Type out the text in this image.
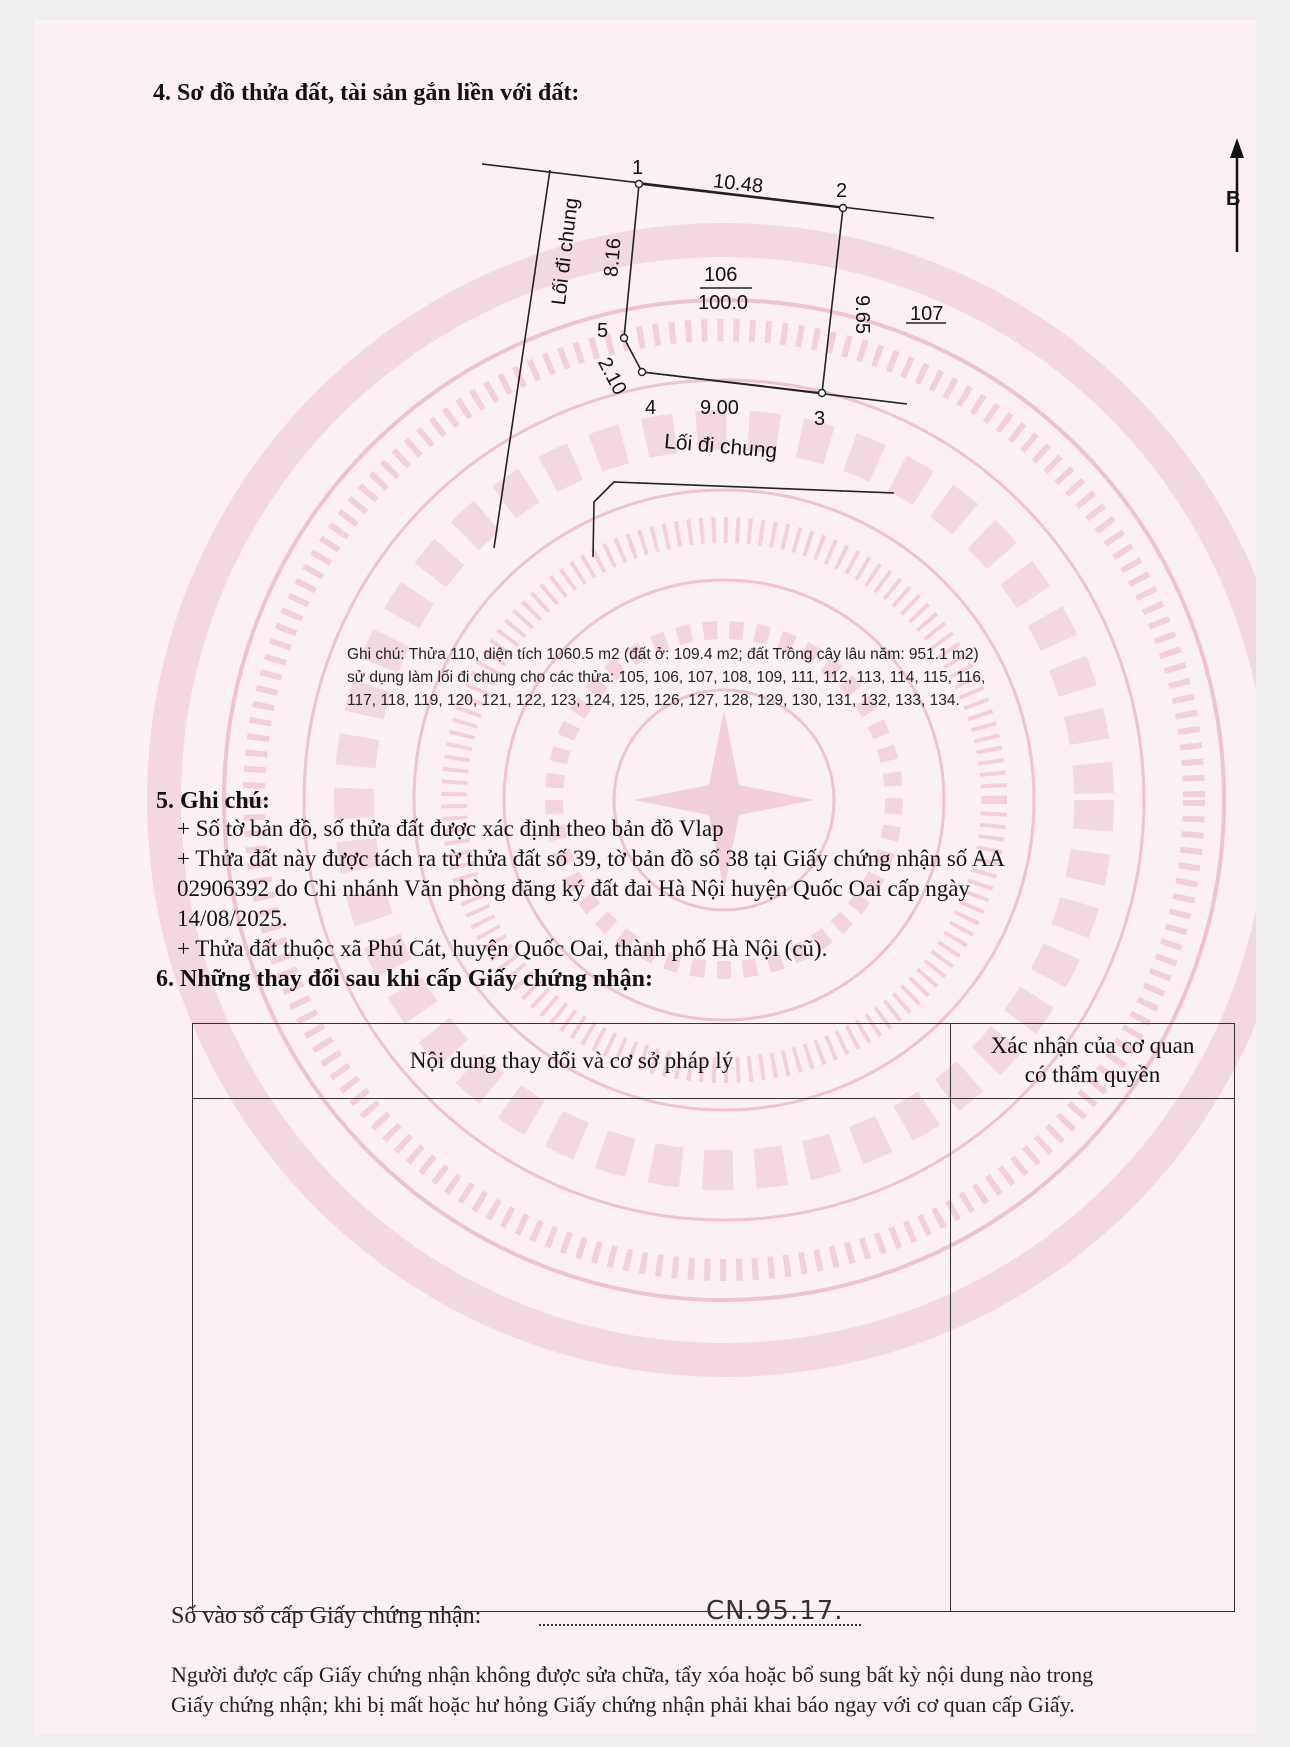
4. Sơ đồ thửa đất, tài sản gắn liền với đất:
1
2
3
4
5
10.48
9.65
9.00
2.10
8.16	106
100.0	107
B
Lối đi chung
Lối đi chung
Ghi chú: Thửa 110, diện tích 1060.5 m2 (đất ở: 109.4 m2; đất Trồng cây lâu năm: 951.1 m2)
sử dụng làm lối đi chung cho các thửa: 105, 106, 107, 108, 109, 111, 112, 113, 114, 115, 116,
117, 118, 119, 120, 121, 122, 123, 124, 125, 126, 127, 128, 129, 130, 131, 132, 133, 134.
5. Ghi chú:
+ Số tờ bản đồ, số thửa đất được xác định theo bản đồ Vlap
+ Thửa đất này được tách ra từ thửa đất số 39, tờ bản đồ số 38 tại Giấy chứng nhận số AA
02906392 do Chi nhánh Văn phòng đăng ký đất đai Hà Nội huyện Quốc Oai cấp ngày
14/08/2025.
+ Thửa đất thuộc xã Phú Cát, huyện Quốc Oai, thành phố Hà Nội (cũ).
6. Những thay đổi sau khi cấp Giấy chứng nhận:
Nội dung thay đổi và cơ sở pháp lý	Xác nhận của cơ quan
có thẩm quyền

Số vào sổ cấp Giấy chứng nhận:	CN.95.17.
Người được cấp Giấy chứng nhận không được sửa chữa, tẩy xóa hoặc bổ sung bất kỳ nội dung nào trong
Giấy chứng nhận; khi bị mất hoặc hư hỏng Giấy chứng nhận phải khai báo ngay với cơ quan cấp Giấy.
